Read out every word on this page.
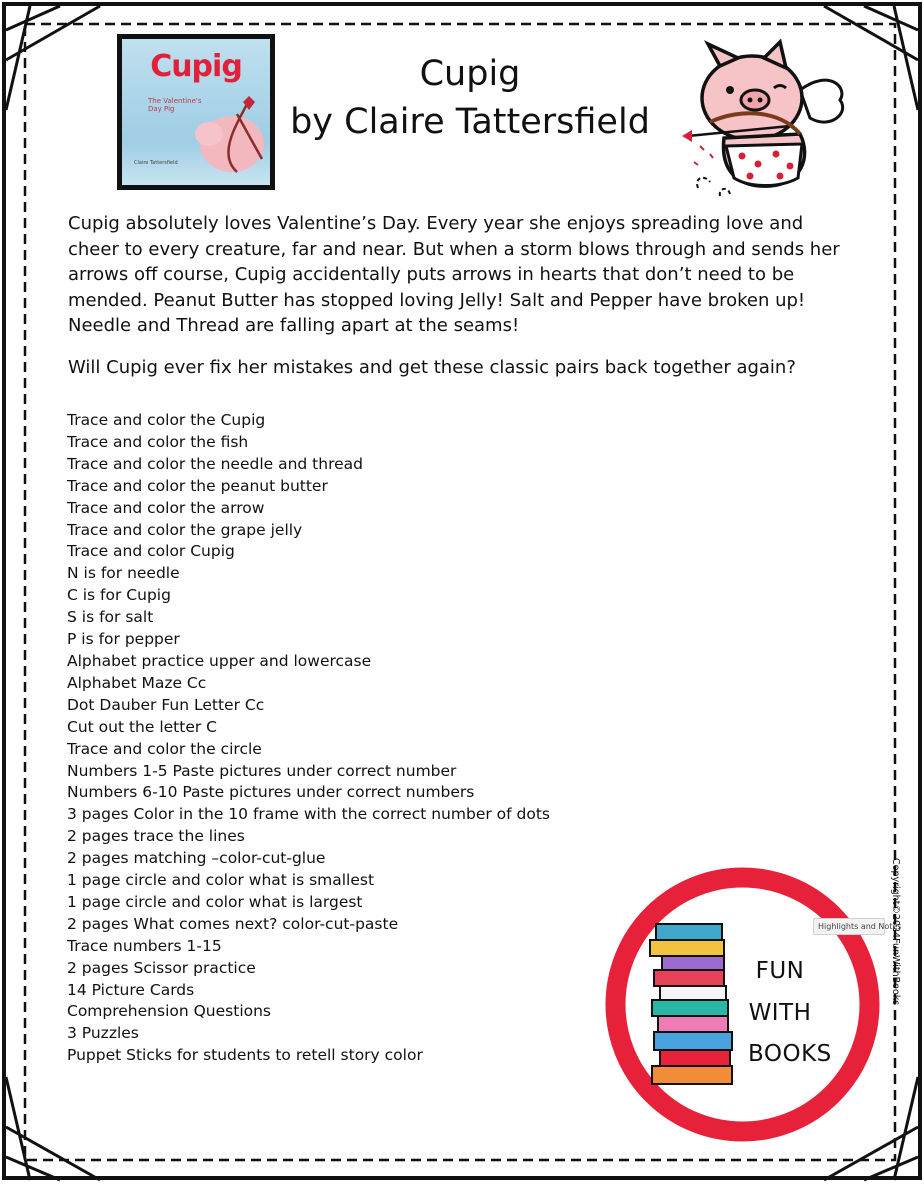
Cupig
The Valentine's Day Pig
Claire Tattersfield
Cupig
by Claire Tattersfield

Cupig absolutely loves Valentine’s Day. Every year she enjoys spreading love and cheer to every creature, far and near. But when a storm blows through and sends her arrows off course, Cupig accidentally puts arrows in hearts that don’t need to be mended. Peanut Butter has stopped loving Jelly! Salt and Pepper have broken up! Needle and Thread are falling apart at the seams!

Will Cupig ever fix her mistakes and get these classic pairs back together again?

Trace and color the Cupig
Trace and color the fish
Trace and color the needle and thread
Trace and color the peanut butter
Trace and color the arrow
Trace and color the grape jelly
Trace and color Cupig
N is for needle
C is for Cupig
S is for salt
P is for pepper
Alphabet practice upper and lowercase
Alphabet Maze Cc
Dot Dauber Fun Letter Cc
Cut out the letter C
Trace and color the circle
Numbers 1-5 Paste pictures under correct number
Numbers 6-10 Paste pictures under correct numbers
3 pages Color in the 10 frame with the correct number of dots
2 pages trace the lines
2 pages matching –color-cut-glue
1 page circle and color what is smallest
1 page circle and color what is largest
2 pages What comes next? color-cut-paste
Trace numbers 1-15
2 pages Scissor practice
14 Picture Cards
Comprehension Questions
3 Puzzles
Puppet Sticks for students to retell story color
FUN
WITH
BOOKS
Copyright©2024FunWithBooks
Highlights and Notes
